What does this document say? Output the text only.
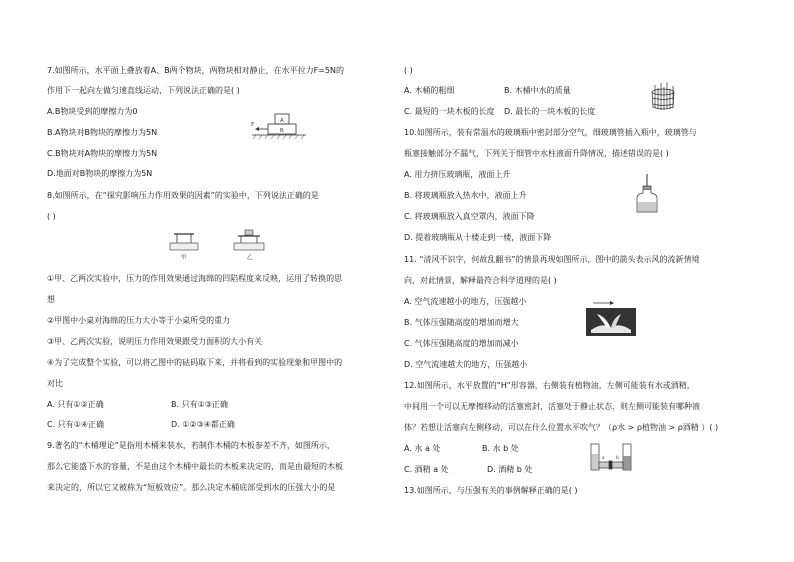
7.如图所示，水平面上叠放着A、B两个物块，两物块相对静止，在水平拉力F=5N的
作用下一起向左做匀速直线运动，下列说法正确的是( )
A.B物块受到的摩擦力为0
B.A物块对B物块的摩擦力为5N
C.B物块对A物块的摩擦力为5N
D.地面对B物块的摩擦力为5N
F
A
B
8.如图所示，在“探究影响压力作用效果的因素”的实验中，下列说法正确的是
( )
甲	乙
①甲、乙两次实验中，压力的作用效果通过海绵的凹陷程度来反映，运用了转换的思
想
②甲图中小桌对海绵的压力大小等于小桌所受的重力
③甲、乙两次实验，说明压力作用效果跟受力面积的大小有关
④为了完成整个实验，可以将乙图中的砝码取下来，并将看到的实验现象和甲图中的
对比
A. 只有①②正确	B. 只有①③正确
C. 只有①④正确	D. ①②③④都正确
9.著名的“木桶理论”是指用木桶来装水，若制作木桶的木板参差不齐，如图所示，
那么它能盛下水的容量，不是由这个木桶中最长的木板来决定的，而是由最短的木板
来决定的，所以它又被称为“短板效应”。那么决定木桶底部受到水的压强大小的是
( )
A. 木桶的粗细	B. 木桶中水的质量
C. 最短的一块木板的长度 D. 最长的一块木板的长度
10.如图所示，装有常温水的玻璃瓶中密封部分空气，细玻璃管插入瓶中，玻璃管与
瓶塞接触部分不漏气，下列关于细管中水柱液面升降情况，描述错误的是( )
A. 用力挤压玻璃瓶，液面上升
B. 将玻璃瓶放入热水中，液面上升
C. 将玻璃瓶放入真空罩内，液面下降
D. 提着玻璃瓶从十楼走到一楼，液面下降
11. “清风不识字，何故乱翻书”的情景再现如图所示，图中的箭头表示风的流新情境
向，对此情景，解释最符合科学道理的是( )
A. 空气流速越小的地方，压强越小
B. 气体压强随高度的增加而增大
C. 气体压强随高度的增加而减小
D. 空气流速越大的地方，压强越小
12.如图所示，水平放置的“H”形容器，右侧装有植物油，左侧可能装有水或酒精，
中间用一个可以无摩擦移动的活塞密封，活塞处于静止状态，则左侧可能装有哪种液
体？若想让活塞向左侧移动，可以在什么位置水平吹气？（ρ水 > ρ植物油 > ρ酒精 ）( )
A. 水 a 处	B. 水 b 处
C. 酒精 a 处	D. 酒精 b 处
a b
13.如图所示，与压强有关的事例解释正确的是( )
